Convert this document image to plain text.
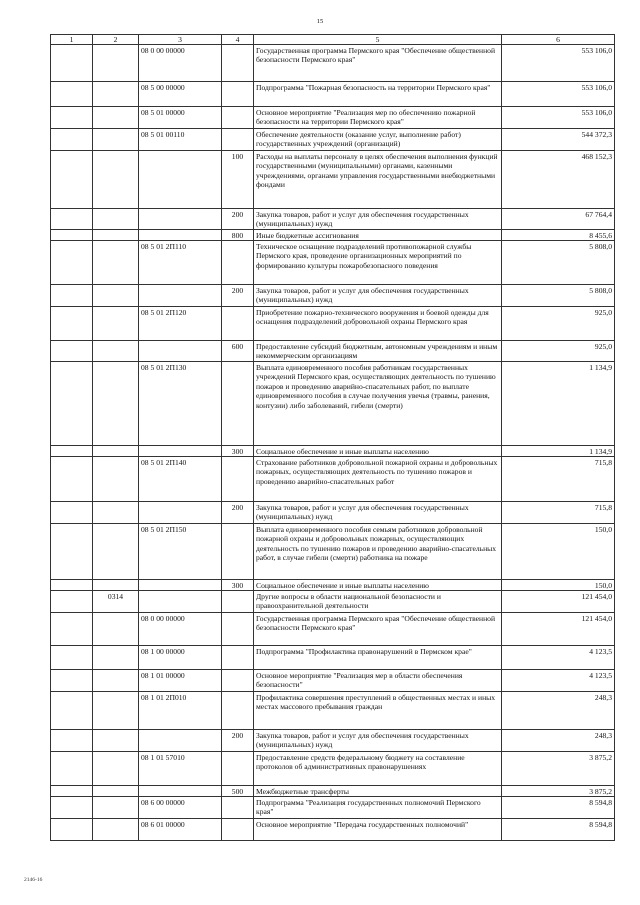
15
1	2	3	4	5	6
		08 0 00 00000		Государственная программа Пермского края "Обеспечение общественной безопасности Пермского края"	553 106,0
		08 5 00 00000		Подпрограмма "Пожарная безопасность на территории Пермского края"	553 106,0
		08 5 01 00000		Основное мероприятие "Реализация мер по обеспечению пожарной безопасности на территории Пермского края"	553 106,0
		08 5 01 00110		Обеспечение деятельности (оказание услуг, выполнение работ) государственных учреждений (организаций)	544 372,3
			100	Расходы на выплаты персоналу в целях обеспечения выполнения функций государственными (муниципальными) органами, казенными учреждениями, органами управления государственными внебюджетными фондами	468 152,3
			200	Закупка товаров, работ и услуг для обеспечения государственных (муниципальных) нужд	67 764,4
			800	Иные бюджетные ассигнования	8 455,6
		08 5 01 2П110		Техническое оснащение подразделений противопожарной службы Пермского края, проведение организационных мероприятий по формированию культуры пожаробезопасного поведения	5 808,0
			200	Закупка товаров, работ и услуг для обеспечения государственных (муниципальных) нужд	5 808,0
		08 5 01 2П120		Приобретение пожарно-технического вооружения и боевой одежды для оснащения подразделений добровольной охраны Пермского края	925,0
			600	Предоставление субсидий бюджетным, автономным учреждениям и иным некоммерческим организациям	925,0
		08 5 01 2П130		Выплата единовременного пособия работникам государственных учреждений Пермского края, осуществляющих деятельность по тушению пожаров и проведению аварийно-спасательных работ, по выплате единовременного пособия в случае получения увечья (травмы, ранения, контузии) либо заболеваний, гибели (смерти)	1 134,9
			300	Социальное обеспечение и иные выплаты населению	1 134,9
		08 5 01 2П140		Страхование работников добровольной пожарной охраны и добровольных пожарных, осуществляющих деятельность по тушению пожаров и проведению аварийно-спасательных работ	715,8
			200	Закупка товаров, работ и услуг для обеспечения государственных (муниципальных) нужд	715,8
		08 5 01 2П150		Выплата единовременного пособия семьям работников добровольной пожарной охраны и добровольных пожарных, осуществляющих деятельность по тушению пожаров и проведению аварийно-спасательных работ, в случае гибели (смерти) работника на пожаре	150,0
			300	Социальное обеспечение и иные выплаты населению	150,0
	0314			Другие вопросы в области национальной безопасности и правоохранительной деятельности	121 454,0
		08 0 00 00000		Государственная программа Пермского края "Обеспечение общественной безопасности Пермского края"	121 454,0
		08 1 00 00000		Подпрограмма "Профилактика правонарушений в Пермском крае"	4 123,5
		08 1 01 00000		Основное мероприятие "Реализация мер в области обеспечения безопасности"	4 123,5
		08 1 01 2П010		Профилактика совершения преступлений в общественных местах и иных местах массового пребывания граждан	248,3
			200	Закупка товаров, работ и услуг для обеспечения государственных (муниципальных) нужд	248,3
		08 1 01 57010		Предоставление средств федеральному бюджету на составление протоколов об административных правонарушениях	3 875,2
			500	Межбюджетные трансферты	3 875,2
		08 6 00 00000		Подпрограмма "Реализация государственных полномочий Пермского края"	8 594,8
		08 6 01 00000		Основное мероприятие "Передача государственных полномочий"	8 594,8
2146-16
